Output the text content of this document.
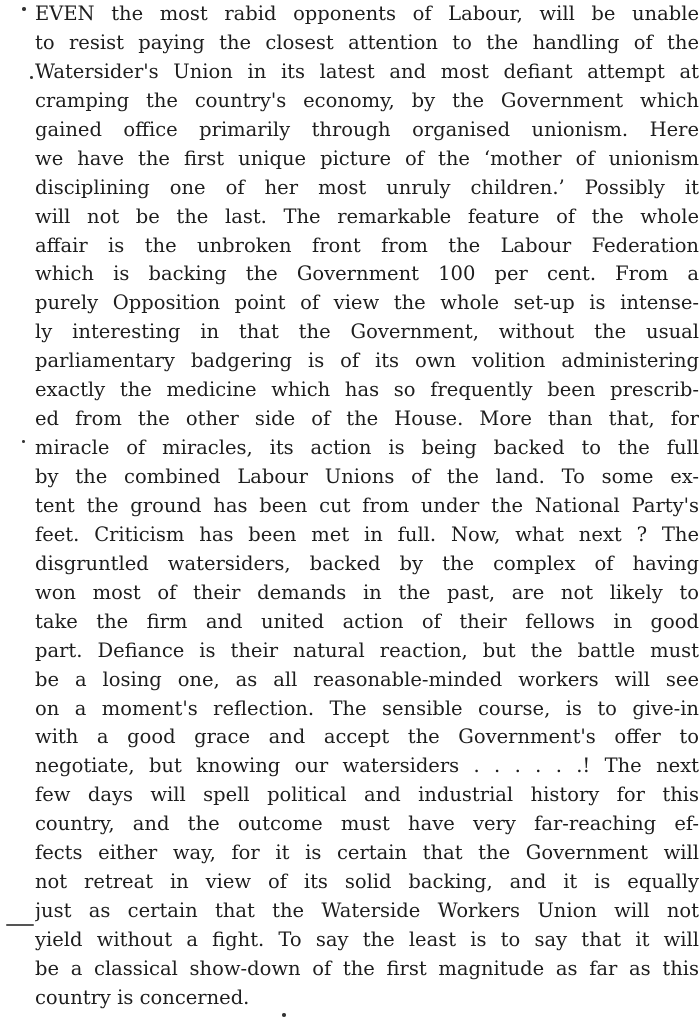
EVEN the most rabid opponents of Labour, will be unable
to resist paying the closest attention to the handling of the
Watersider's Union in its latest and most defiant attempt at
cramping the country's economy, by the Government which
gained office primarily through organised unionism. Here
we have the first unique picture of the ‘mother of unionism
disciplining one of her most unruly children.’ Possibly it
will not be the last. The remarkable feature of the whole
affair is the unbroken front from the Labour Federation
which is backing the Government 100 per cent. From a
purely Opposition point of view the whole set-up is intense-
ly interesting in that the Government, without the usual
parliamentary badgering is of its own volition administering
exactly the medicine which has so frequently been prescrib-
ed from the other side of the House. More than that, for
miracle of miracles, its action is being backed to the full
by the combined Labour Unions of the land. To some ex-
tent the ground has been cut from under the National Party's
feet. Criticism has been met in full. Now, what next ? The
disgruntled watersiders, backed by the complex of having
won most of their demands in the past, are not likely to
take the firm and united action of their fellows in good
part. Defiance is their natural reaction, but the battle must
be a losing one, as all reasonable-minded workers will see
on a moment's reflection. The sensible course, is to give-in
with a good grace and accept the Government's offer to
negotiate, but knowing our watersiders . . . . . .! The next
few days will spell political and industrial history for this
country, and the outcome must have very far-reaching ef-
fects either way, for it is certain that the Government will
not retreat in view of its solid backing, and it is equally
just as certain that the Waterside Workers Union will not
yield without a fight. To say the least is to say that it will
be a classical show-down of the first magnitude as far as this
country is concerned.
